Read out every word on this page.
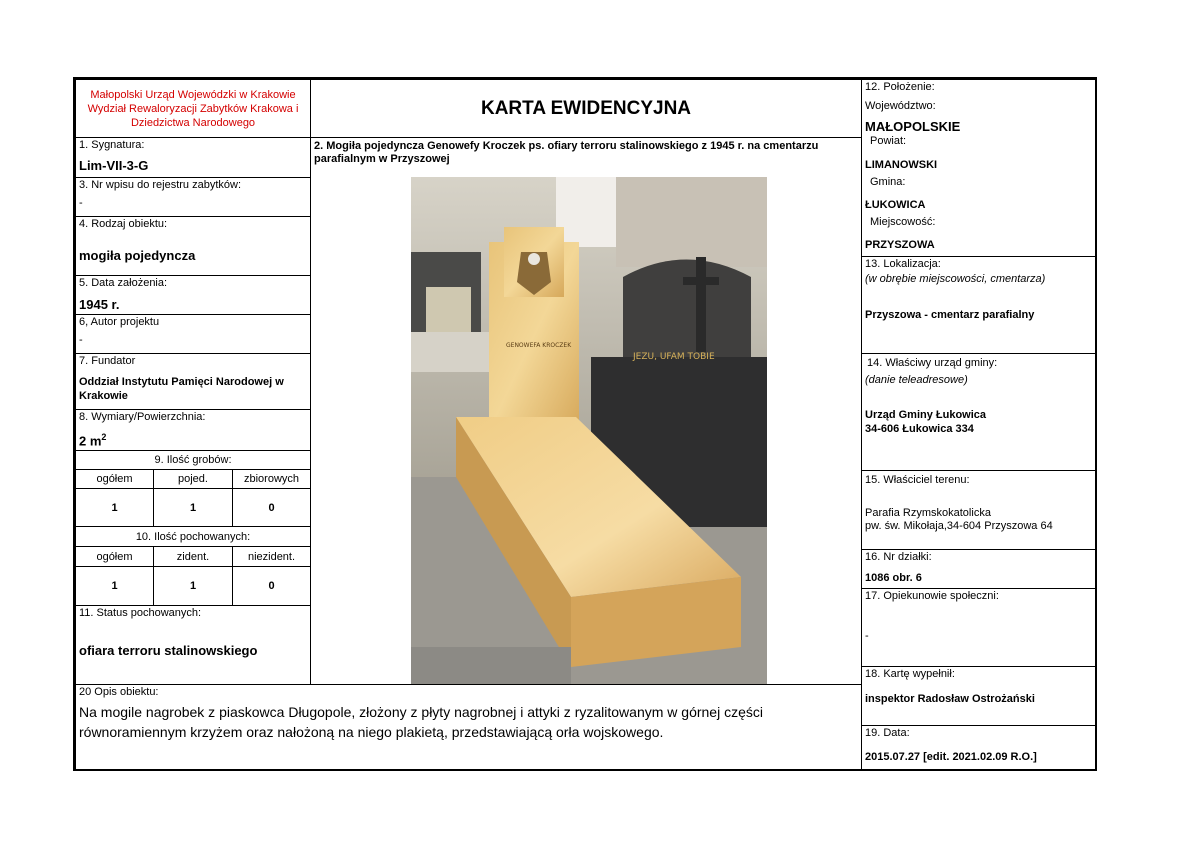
Małopolski Urząd Wojewódzki w Krakowie
Wydział Rewaloryzacji Zabytków Krakowa i
Dziedzictwa Narodowego
KARTA EWIDENCYJNA
1. Sygnatura:
Lim-VII-3-G
3. Nr wpisu do rejestru zabytków:
-
4. Rodzaj obiektu:
mogiła pojedyncza
5. Data założenia:
1945 r.
6, Autor projektu
-
7. Fundator
Oddział Instytutu Pamięci Narodowej w Krakowie
8. Wymiary/Powierzchnia:
2 $m^2$
9. Ilość grobów:
ogółem	pojed.	zbiorowych
1	1	0
10. Ilość pochowanych:
ogółem	zident.	niezident.
1	1	0
11. Status pochowanych:
ofiara terroru stalinowskiego
2. Mogiła pojedyncza Genowefy Kroczek ps. ofiary terroru stalinowskiego z 1945 r. na cmentarzu parafialnym w Przyszowej
JEZU, UFAM TOBIE
GENOWEFA KROCZEK
12. Położenie:
Województwo:
MAŁOPOLSKIE
Powiat:
LIMANOWSKI
Gmina:
ŁUKOWICA
Miejscowość:
PRZYSZOWA
13. Lokalizacja:
(w obrębie miejscowości, cmentarza)
Przyszowa - cmentarz parafialny
14. Właściwy urząd gminy:
(danie teleadresowe)
Urząd Gminy Łukowica
34-606 Łukowica 334
15. Właściciel terenu:
Parafia Rzymskokatolicka
pw. św. Mikołaja,34-604 Przyszowa 64
16. Nr działki:
1086 obr. 6
17. Opiekunowie społeczni:
-
18. Kartę wypełnił:
inspektor Radosław Ostrożański
19. Data:
2015.07.27 [edit. 2021.02.09 R.O.]
20 Opis obiektu:
Na mogile nagrobek z piaskowca Długopole, złożony z płyty nagrobnej i attyki z ryzalitowanym w górnej części
równoramiennym krzyżem oraz nałożoną na niego plakietą, przedstawiającą orła wojskowego.
